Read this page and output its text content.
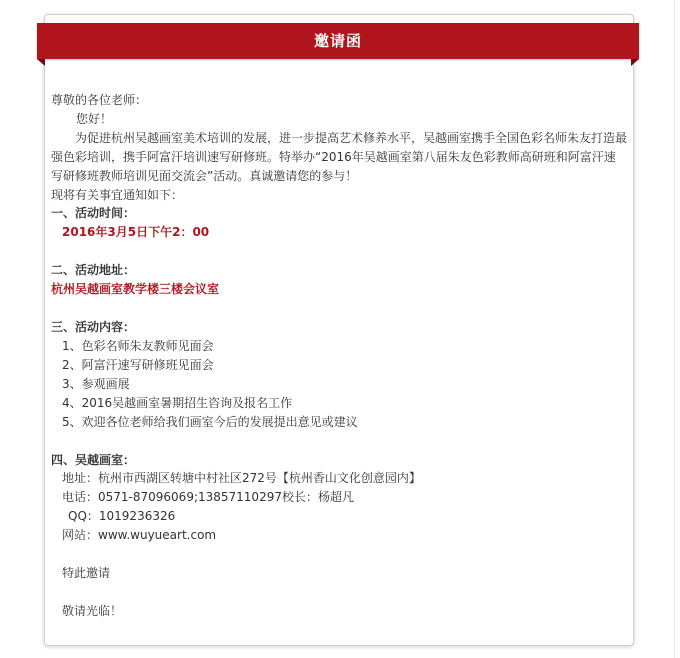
邀请函

尊敬的各位老师：

您好！

为促进杭州吴越画室美术培训的发展，进一步提高艺术修养水平，吴越画室携手全国色彩名师朱友打造最强色彩培训，携手阿富汗培训速写研修班。特举办“2016年吴越画室第八届朱友色彩教师高研班和阿富汗速写研修班教师培训见面交流会”活动。真诚邀请您的参与！

现将有关事宜通知如下：

一、活动时间：

2016年3月5日下午2：00

二、活动地址：

杭州吴越画室教学楼三楼会议室

三、活动内容：

1、色彩名师朱友教师见面会

2、阿富汗速写研修班见面会

3、参观画展

4、2016吴越画室暑期招生咨询及报名工作

5、欢迎各位老师给我们画室今后的发展提出意见或建议

四、吴越画室：

地址：杭州市西湖区转塘中村社区272号【杭州香山文化创意园内】

电话：0571-87096069;13857110297校长：杨超凡

QQ：1019236326

网站：www.wuyueart.com

特此邀请

敬请光临！
